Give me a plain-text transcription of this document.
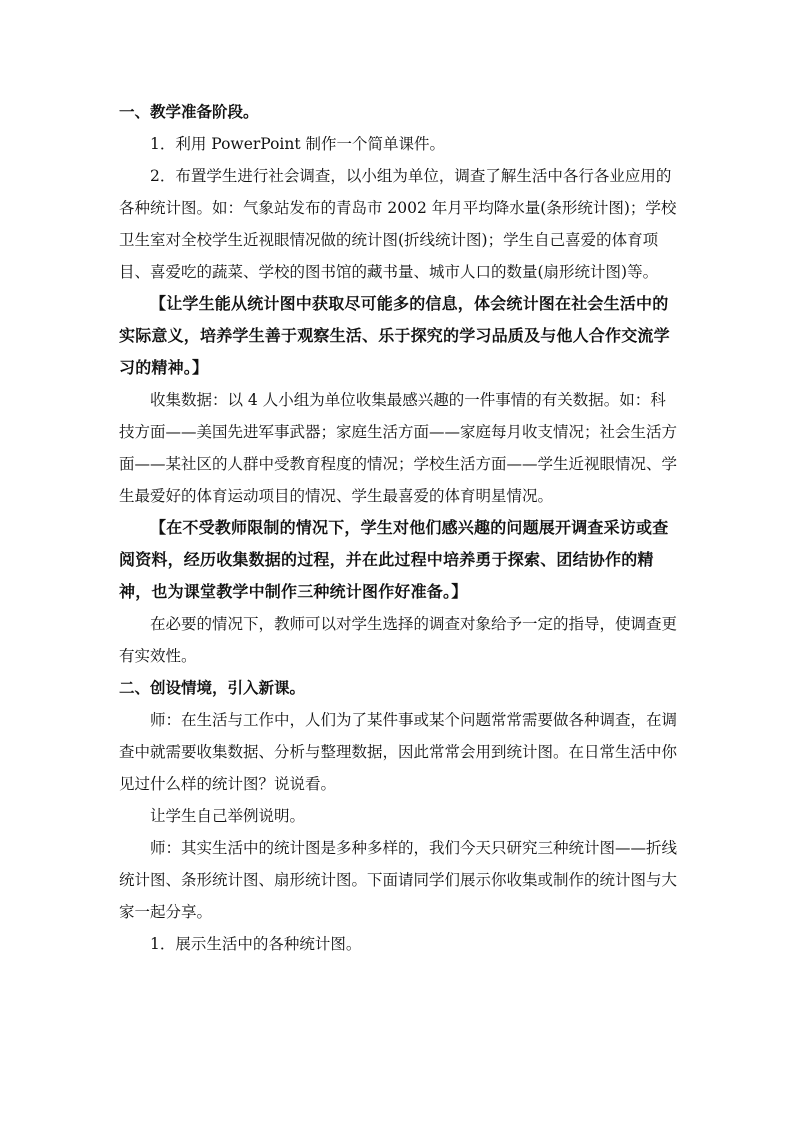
一、教学准备阶段。

1．利用 PowerPoint 制作一个简单课件。

2．布置学生进行社会调查，以小组为单位，调查了解生活中各行各业应用的各种统计图。如：气象站发布的青岛市 2002 年月平均降水量(条形统计图)；学校卫生室对全校学生近视眼情况做的统计图(折线统计图)；学生自己喜爱的体育项目、喜爱吃的蔬菜、学校的图书馆的藏书量、城市人口的数量(扇形统计图)等。

【让学生能从统计图中获取尽可能多的信息，体会统计图在社会生活中的实际意义，培养学生善于观察生活、乐于探究的学习品质及与他人合作交流学习的精神。】

收集数据：以 4 人小组为单位收集最感兴趣的一件事情的有关数据。如：科技方面——美国先进军事武器；家庭生活方面——家庭每月收支情况；社会生活方面——某社区的人群中受教育程度的情况；学校生活方面——学生近视眼情况、学生最爱好的体育运动项目的情况、学生最喜爱的体育明星情况。

【在不受教师限制的情况下，学生对他们感兴趣的问题展开调查采访或查阅资料，经历收集数据的过程，并在此过程中培养勇于探索、团结协作的精神，也为课堂教学中制作三种统计图作好准备。】

在必要的情况下，教师可以对学生选择的调查对象给予一定的指导，使调查更有实效性。

二、创设情境，引入新课。

师：在生活与工作中，人们为了某件事或某个问题常常需要做各种调查，在调查中就需要收集数据、分析与整理数据，因此常常会用到统计图。在日常生活中你见过什么样的统计图？说说看。

让学生自己举例说明。

师：其实生活中的统计图是多种多样的，我们今天只研究三种统计图——折线统计图、条形统计图、扇形统计图。下面请同学们展示你收集或制作的统计图与大家一起分享。

1．展示生活中的各种统计图。
